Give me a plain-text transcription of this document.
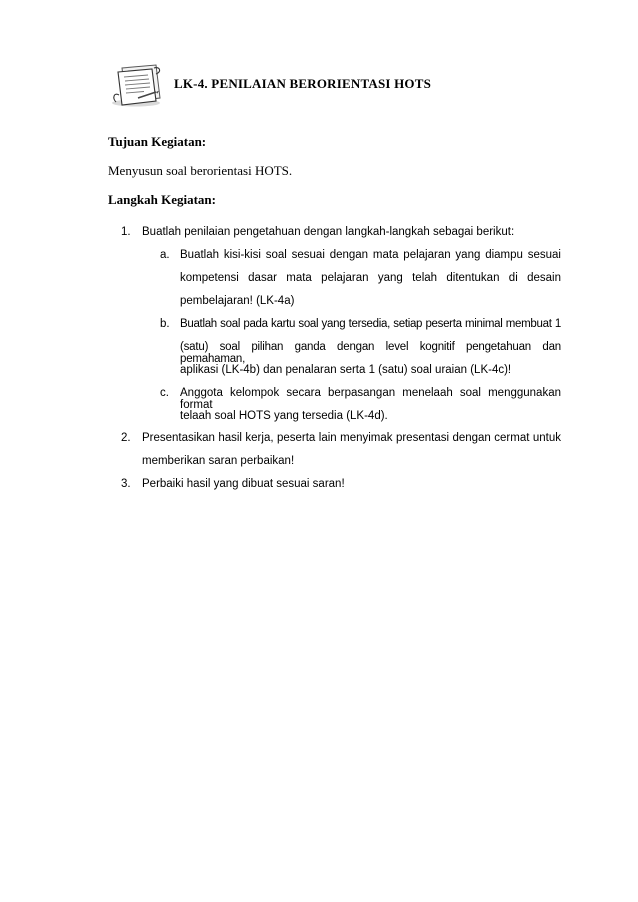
LK-4. PENILAIAN BERORIENTASI HOTS
Tujuan Kegiatan:
Menyusun soal berorientasi HOTS.
Langkah Kegiatan:
1. Buatlah penilaian pengetahuan dengan langkah-langkah sebagai berikut:
a. Buatlah kisi-kisi soal sesuai dengan mata pelajaran yang diampu sesuai
kompetensi dasar mata pelajaran yang telah ditentukan di desain
pembelajaran! (LK-4a)
b. Buatlah soal pada kartu soal yang tersedia, setiap peserta minimal membuat 1
(satu) soal pilihan ganda dengan level kognitif pengetahuan dan pemahaman,
aplikasi (LK-4b) dan penalaran serta 1 (satu) soal uraian (LK-4c)!
c. Anggota kelompok secara berpasangan menelaah soal menggunakan format
telaah soal HOTS yang tersedia (LK-4d).
2. Presentasikan hasil kerja, peserta lain menyimak presentasi dengan cermat untuk
memberikan saran perbaikan!
3. Perbaiki hasil yang dibuat sesuai saran!
